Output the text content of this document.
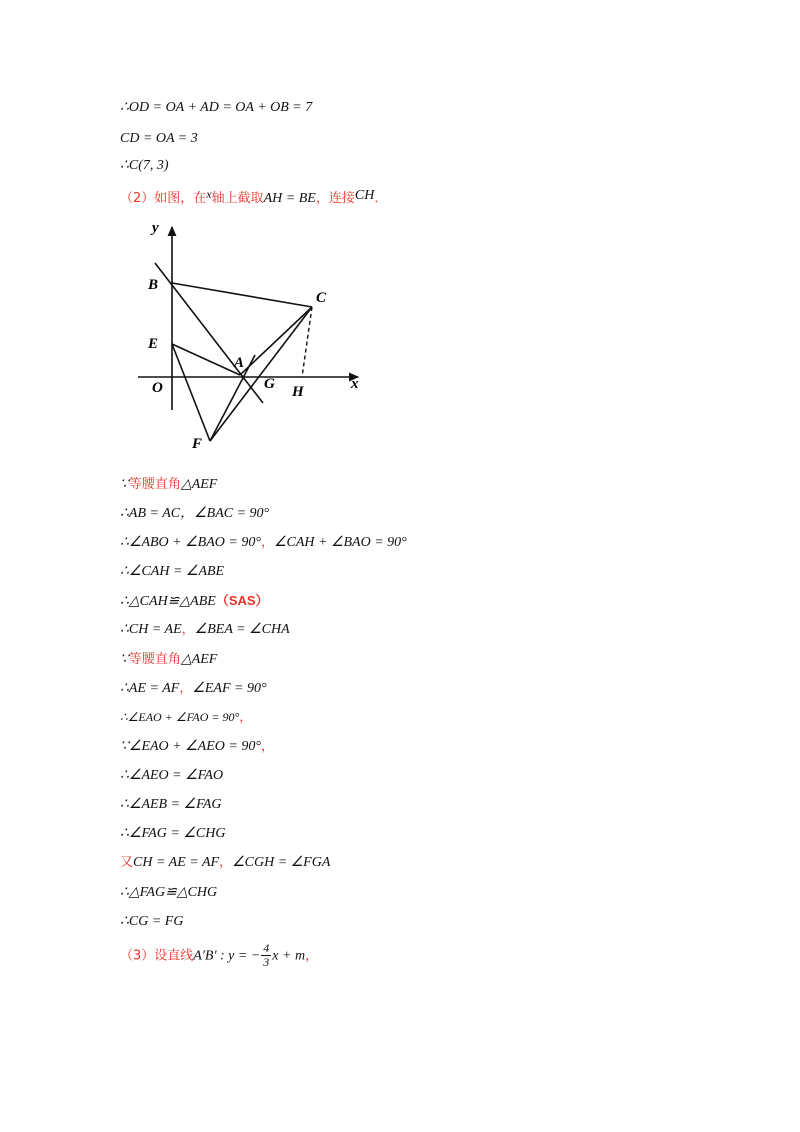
∴OD = OA + AD = OA + OB = 7
CD = OA = 3
∴C(7, 3)
（2）如图，在x轴上截取AH = BE，连接CH．
y
x
B
C
E
A
O	G H
F
∵等腰直角△AEF
∴AB = AC，∠BAC = 90°
∴∠ABO + ∠BAO = 90°，∠CAH + ∠BAO = 90°
∴∠CAH = ∠ABE
∴△CAH≌△ABE（SAS）
∴CH = AE，∠BEA = ∠CHA
∵等腰直角△AEF
∴AE = AF，∠EAF = 90°
∴∠EAO + ∠FAO = 90°，
∵∠EAO + ∠AEO = 90°，
∴∠AEO = ∠FAO
∴∠AEB = ∠FAG
∴∠FAG = ∠CHG
又CH = AE = AF，∠CGH = ∠FGA
∴△FAG≌△CHG
∴CG = FG
（3）设直线A′B′ : y = − $\frac{4}{3}$ x + m，
